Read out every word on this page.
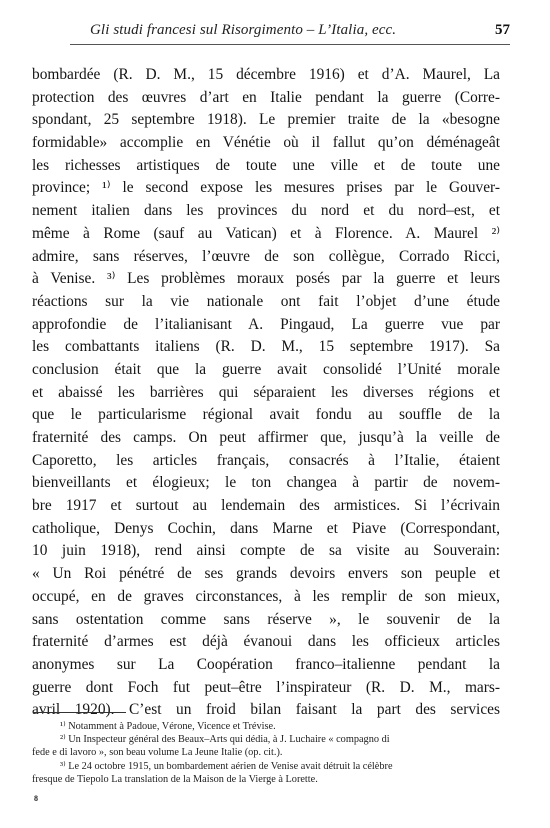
Gli studi francesi sul Risorgimento – L’Italia, ecc.	57
bombardée (R. D. M., 15 décembre 1916) et d’A. Maurel, La
protection des œuvres d’art en Italie pendant la guerre (Corre-
spondant, 25 septembre 1918). Le premier traite de la «besogne
formidable» accomplie en Vénétie où il fallut qu’on déménageât
les richesses artistiques de toute une ville et de toute une
province; ¹⁾ le second expose les mesures prises par le Gouver-
nement italien dans les provinces du nord et du nord–est, et
même à Rome (sauf au Vatican) et à Florence. A. Maurel ²⁾
admire, sans réserves, l’œuvre de son collègue, Corrado Ricci,
à Venise. ³⁾ Les problèmes moraux posés par la guerre et leurs
réactions sur la vie nationale ont fait l’objet d’une étude
approfondie de l’italianisant A. Pingaud, La guerre vue par
les combattants italiens (R. D. M., 15 septembre 1917). Sa
conclusion était que la guerre avait consolidé l’Unité morale
et abaissé les barrières qui séparaient les diverses régions et
que le particularisme régional avait fondu au souffle de la
fraternité des camps. On peut affirmer que, jusqu’à la veille de
Caporetto, les articles français, consacrés à l’Italie, étaient
bienveillants et élogieux; le ton changea à partir de novem-
bre 1917 et surtout au lendemain des armistices. Si l’écrivain
catholique, Denys Cochin, dans Marne et Piave (Correspondant,
10 juin 1918), rend ainsi compte de sa visite au Souverain:
« Un Roi pénétré de ses grands devoirs envers son peuple et
occupé, en de graves circonstances, à les remplir de son mieux,
sans ostentation comme sans réserve », le souvenir de la
fraternité d’armes est déjà évanoui dans les officieux articles
anonymes sur La Coopération franco–italienne pendant la
guerre dont Foch fut peut–être l’inspirateur (R. D. M., mars-
avril 1920). C’est un froid bilan faisant la part des services
¹⁾ Notamment à Padoue, Vérone, Vicence et Trévise.
²⁾ Un Inspecteur général des Beaux–Arts qui dédia, à J. Luchaire « compagno di
fede e di lavoro », son beau volume La Jeune Italie (op. cit.).
³⁾ Le 24 octobre 1915, un bombardement aérien de Venise avait détruit la célèbre
fresque de Tiepolo La translation de la Maison de la Vierge à Lorette.
8
